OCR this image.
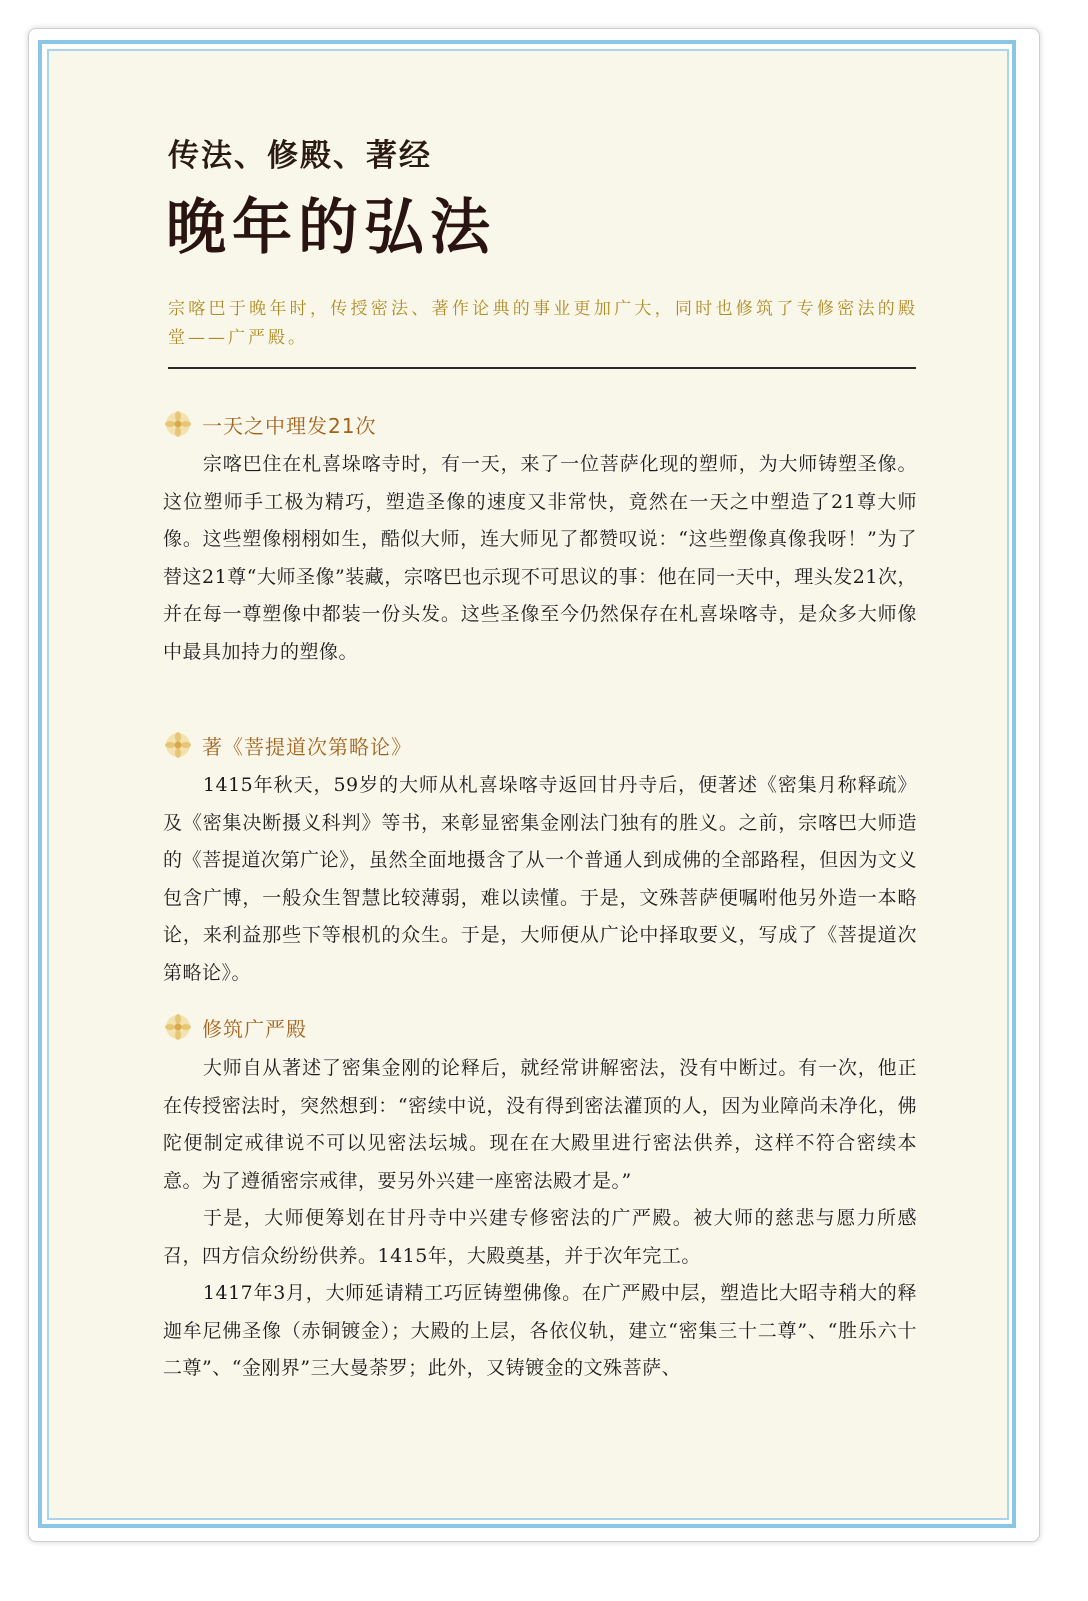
传法、修殿、著经
晚年的弘法
宗喀巴于晚年时，传授密法、著作论典的事业更加广大，同时也修筑了专修密法的殿堂——广严殿。
一天之中理发21次

宗喀巴住在札喜垛喀寺时，有一天，来了一位菩萨化现的塑师，为大师铸塑圣像。这位塑师手工极为精巧，塑造圣像的速度又非常快，竟然在一天之中塑造了21尊大师像。这些塑像栩栩如生，酷似大师，连大师见了都赞叹说：“这些塑像真像我呀！”为了替这21尊“大师圣像”装藏，宗喀巴也示现不可思议的事：他在同一天中，理头发21次，并在每一尊塑像中都装一份头发。这些圣像至今仍然保存在札喜垛喀寺，是众多大师像中最具加持力的塑像。

著《菩提道次第略论》

1415年秋天，59岁的大师从札喜垛喀寺返回甘丹寺后，便著述《密集月称释疏》及《密集决断摄义科判》等书，来彰显密集金刚法门独有的胜义。之前，宗喀巴大师造的《菩提道次第广论》，虽然全面地摄含了从一个普通人到成佛的全部路程，但因为文义包含广博，一般众生智慧比较薄弱，难以读懂。于是，文殊菩萨便嘱咐他另外造一本略论，来利益那些下等根机的众生。于是，大师便从广论中择取要义，写成了《菩提道次第略论》。

修筑广严殿

大师自从著述了密集金刚的论释后，就经常讲解密法，没有中断过。有一次，他正在传授密法时，突然想到：“密续中说，没有得到密法灌顶的人，因为业障尚未净化，佛陀便制定戒律说不可以见密法坛城。现在在大殿里进行密法供养，这样不符合密续本意。为了遵循密宗戒律，要另外兴建一座密法殿才是。”

于是，大师便筹划在甘丹寺中兴建专修密法的广严殿。被大师的慈悲与愿力所感召，四方信众纷纷供养。1415年，大殿奠基，并于次年完工。

1417年3月，大师延请精工巧匠铸塑佛像。在广严殿中层，塑造比大昭寺稍大的释迦牟尼佛圣像（赤铜镀金）；大殿的上层，各依仪轨，建立“密集三十二尊”、“胜乐六十二尊”、“金刚界”三大曼荼罗；此外，又铸镀金的文殊菩萨、
